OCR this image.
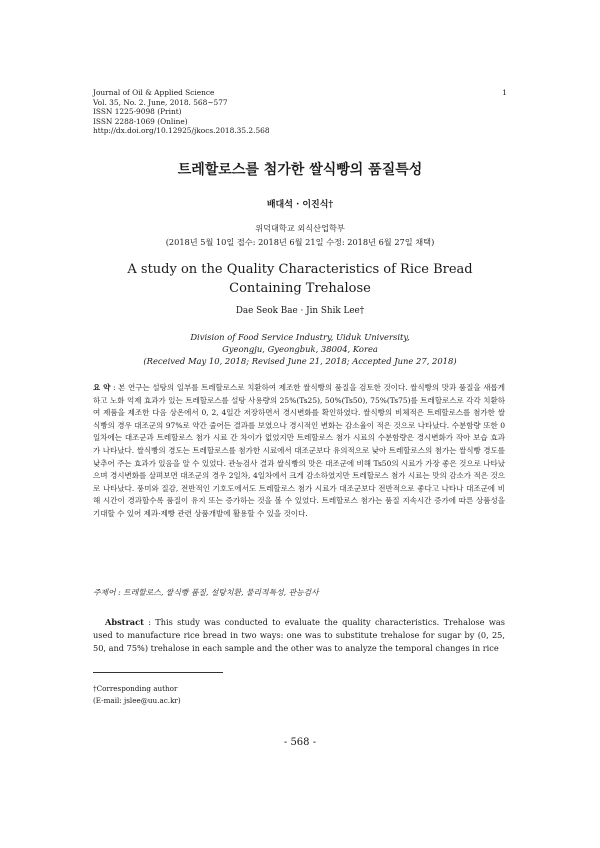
Journal of Oil & Applied Science
Vol. 35, No. 2. June, 2018. 568~577
ISSN 1225-9098 (Print)
ISSN 2288-1069 (Online)
http://dx.doi.org/10.12925/jkocs.2018.35.2.568
1
트레할로스를 첨가한 쌀식빵의 품질특성
배대석 · 이진식†
위덕대학교 외식산업학부
(2018년 5월 10일 접수: 2018년 6월 21일 수정: 2018년 6월 27일 채택)
A study on the Quality Characteristics of Rice Bread
Containing Trehalose
Dae Seok Bae · Jin Shik Lee†
Division of Food Service Industry, Uiduk University,
Gyeongju, Gyeongbuk, 38004, Korea
(Received May 10, 2018; Revised June 21, 2018; Accepted June 27, 2018)
요 약 : 본 연구는 설탕의 일부를 트레할로스로 치환하여 제조한 쌀식빵의 품질을 검토한 것이다. 쌀식빵의 맛과 품질을 새롭게 하고 노화 억제 효과가 있는 트레할로스를 설탕 사용량의 25%(Ts25), 50%(Ts50), 75%(Ts75)를 트레할로스로 각각 치환하여 제품을 제조한 다음 상온에서 0, 2, 4일간 저장하면서 경시변화를 확인하였다. 쌀식빵의 비체적은 트레할로스를 첨가한 쌀식빵의 경우 대조군의 97%로 약간 줄어든 결과를 보였으나 경시적인 변화는 감소율이 적은 것으로 나타났다. 수분함량 또한 0일차에는 대조군과 트레할로스 첨가 시료 간 차이가 없었지만 트레할로스 첨가 시료의 수분함량은 경시변화가 작아 보습 효과가 나타났다. 쌀식빵의 경도는 트레할로스를 첨가한 시료에서 대조군보다 유의적으로 낮아 트레할로스의 첨가는 쌀식빵 경도를 낮추어 주는 효과가 있음을 알 수 있었다. 관능검사 결과 쌀식빵의 맛은 대조군에 비해 Ts50의 시료가 가장 좋은 것으로 나타났으며 경시변화를 살펴보면 대조군의 경우 2일차, 4일차에서 크게 감소하였지만 트레할로스 첨가 시료는 맛의 감소가 적은 것으로 나타났다. 풍미와 질감, 전반적인 기호도에서도 트레할로스 첨가 시료가 대조군보다 전반적으로 좋다고 나타나 대조군에 비해 시간이 경과할수록 품질이 유지 또는 증가하는 것을 볼 수 있었다. 트레할로스 첨가는 품질 지속시간 증가에 따른 상품성을 기대할 수 있어 제과·제빵 관련 상품개발에 활용할 수 있을 것이다.
주제어 : 트레할로스, 쌀식빵 품질, 설탕치환, 물리적특성, 관능검사
Abstract : This study was conducted to evaluate the quality characteristics. Trehalose was used to manufacture rice bread in two ways: one was to substitute trehalose for sugar by (0, 25, 50, and 75%) trehalose in each sample and the other was to analyze the temporal changes in rice
†Corresponding author
(E-mail: jslee@uu.ac.kr)
- 568 -
